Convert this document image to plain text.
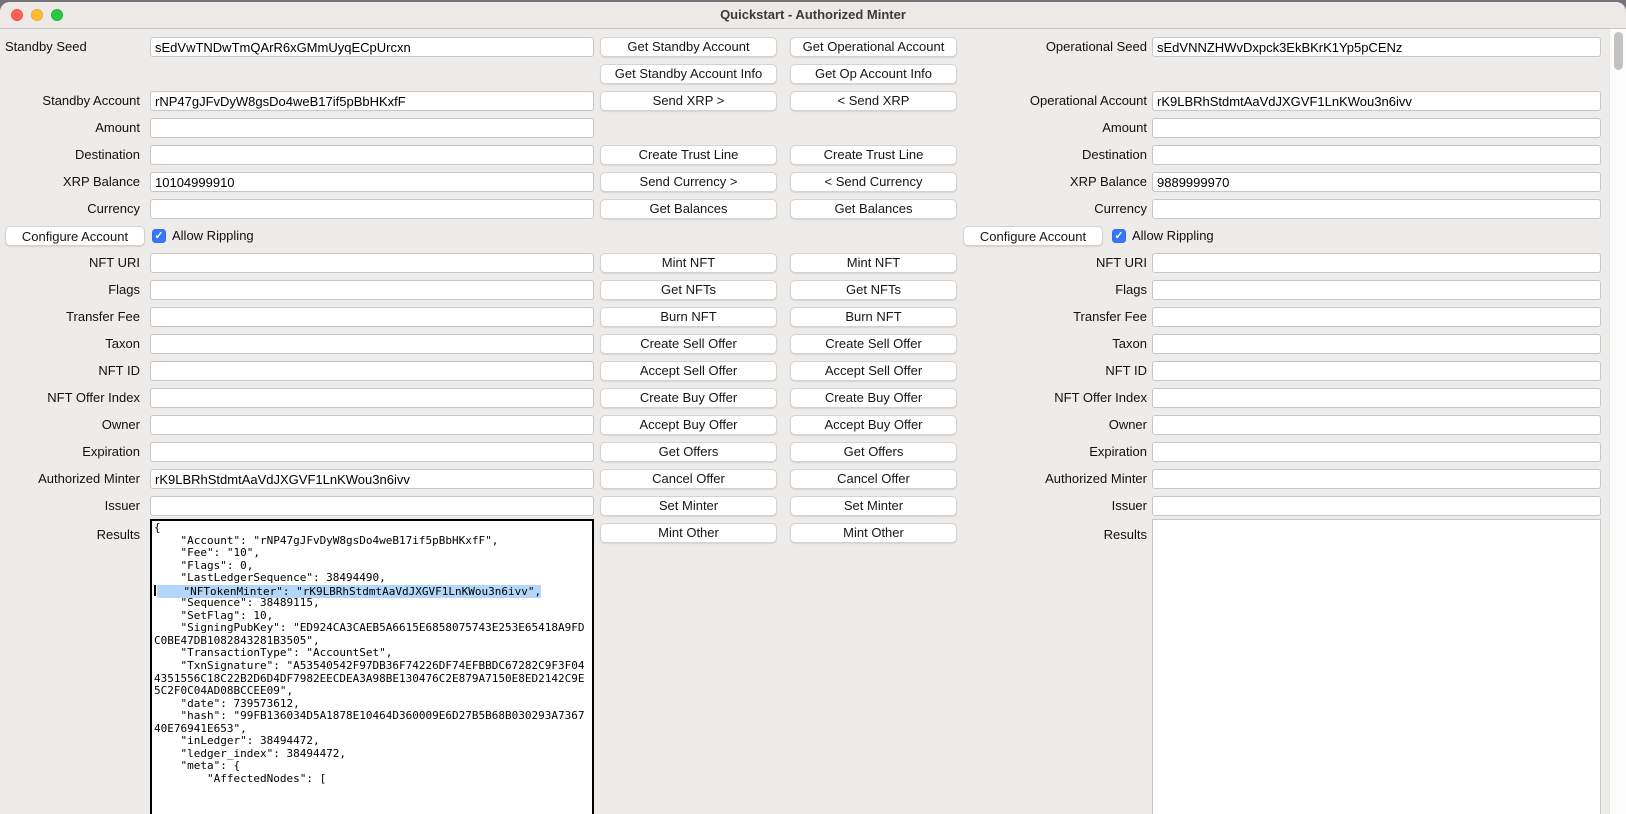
Quickstart - Authorized Minter
Standby Seed
sEdVwTNDwTmQArR6xGMmUyqECpUrcxn
Standby Account
rNP47gJFvDyW8gsDo4weB17if5pBbHKxfF
Amount
Destination
XRP Balance
10104999910
Currency
NFT URI
Flags
Transfer Fee
Taxon
NFT ID
NFT Offer Index
Owner
Expiration
Authorized Minter
rK9LBRhStdmtAaVdJXGVF1LnKWou3n6ivv
Issuer
Configure Account	✓ Allow Rippling
Results {
"Account": "rNP47gJFvDyW8gsDo4weB17if5pBbHKxfF",
"Fee": "10",
"Flags": 0,
"LastLedgerSequence": 38494490,
"NFTokenMinter": "rK9LBRhStdmtAaVdJXGVF1LnKWou3n6ivv",
"Sequence": 38489115,
"SetFlag": 10,
"SigningPubKey": "ED924CA3CAEB5A6615E6858075743E253E65418A9FD
C0BE47DB1082843281B3505",
"TransactionType": "AccountSet",
"TxnSignature": "A53540542F97DB36F74226DF74EFBBDC67282C9F3F04
4351556C18C22B2D6D4DF7982EECDEA3A98BE130476C2E879A7150E8ED2142C9E
5C2F0C04AD08BCCEE09",
"date": 739573612,
"hash": "99FB136034D5A1878E10464D360009E6D27B5B68B030293A7367
40E76941E653",
"inLedger": 38494472,
"ledger_index": 38494472,
"meta": {
"AffectedNodes": [
Get Standby Account
Get Standby Account Info
Send XRP >
Create Trust Line
Send Currency >
Get Balances
Mint NFT
Get NFTs
Burn NFT
Create Sell Offer
Accept Sell Offer
Create Buy Offer
Accept Buy Offer
Get Offers
Cancel Offer
Set Minter
Mint Other
Get Operational Account
Get Op Account Info
< Send XRP
Create Trust Line
< Send Currency
Get Balances
Mint NFT
Get NFTs
Burn NFT
Create Sell Offer
Accept Sell Offer
Create Buy Offer
Accept Buy Offer
Get Offers
Cancel Offer
Set Minter
Mint Other
Operational Seed
sEdVNNZHWvDxpck3EkBKrK1Yp5pCENz
Operational Account
rK9LBRhStdmtAaVdJXGVF1LnKWou3n6ivv
Amount
Destination
XRP Balance
9889999970
Currency
NFT URI
Flags
Transfer Fee
Taxon
NFT ID
NFT Offer Index
Owner
Expiration
Authorized Minter
Issuer
Configure Account	✓ Allow Rippling
Results
